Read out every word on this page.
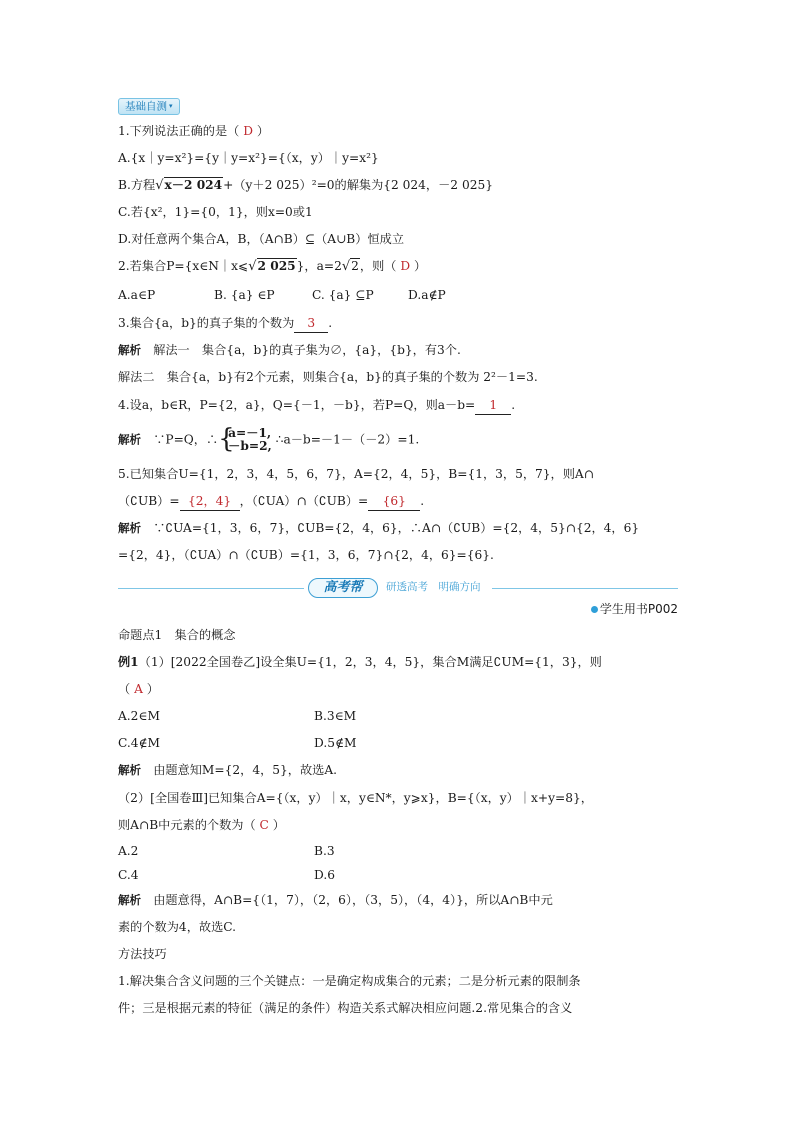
基础自测 ▾
1.下列说法正确的是（ D ）
A.{x｜y=x²}={y｜y=x²}={（x，y）｜y=x²}
B.方程√x－2 024+（y＋2 025）²=0的解集为{2 024，－2 025}
C.若{x²，1}={0，1}，则x=0或1
D.对任意两个集合A，B，（A∩B）⊆（A∪B）恒成立
2.若集合P={x∈N｜x⩽√2 025}，a=2√2，则（ D ）
A.a∈P	B. {a} ∈P	C. {a} ⊆P	D.a∉P
3.集合{a，b}的真子集的个数为 3 .
解析　 解法一　集合{a，b}的真子集为∅，{a}，{b}，有3个.
解法二　集合{a，b}有2个元素，则集合{a，b}的真子集的个数为 2²－1=3.
4.设a，b∈R，P={2，a}，Q={－1，－b}，若P=Q，则a－b= 1 .
解析　 ∵P=Q，∴ {
a=－1,
－b=2, ∴a－b=－1－（－2）=1.
5.已知集合U={1，2，3，4，5，6，7}，A={2，4，5}，B={1，3，5，7}，则A∩
（∁UB）= {2，4} ，（∁UA）∩（∁UB）= {6} .
解析　 ∵∁UA={1，3，6，7}，∁UB={2，4，6}，∴A∩（∁UB）={2，4，5}∩{2，4，6}
={2，4}，（∁UA）∩（∁UB）={1，3，6，7}∩{2，4，6}={6}.
高考帮	研透高考　明确方向
学生用书P002
命题点1　集合的概念
例1（1）[2022全国卷乙]设全集U={1，2，3，4，5}，集合M满足∁UM={1，3}，则
（ A ）
A.2∈M	B.3∈M
C.4∉M	D.5∉M
解析　 由题意知M={2，4，5}，故选A.
（2）[全国卷Ⅲ]已知集合A={（x，y）｜x，y∈N*，y⩾x}，B={（x，y）｜x+y=8}，
则A∩B中元素的个数为（ C ）
A.2	B.3
C.4	D.6
解析　 由题意得，A∩B={（1，7），（2，6），（3，5），（4，4）}，所以A∩B中元
素的个数为4，故选C.
方法技巧
1.解决集合含义问题的三个关键点：一是确定构成集合的元素；二是分析元素的限制条
件；三是根据元素的特征（满足的条件）构造关系式解决相应问题.2.常见集合的含义
